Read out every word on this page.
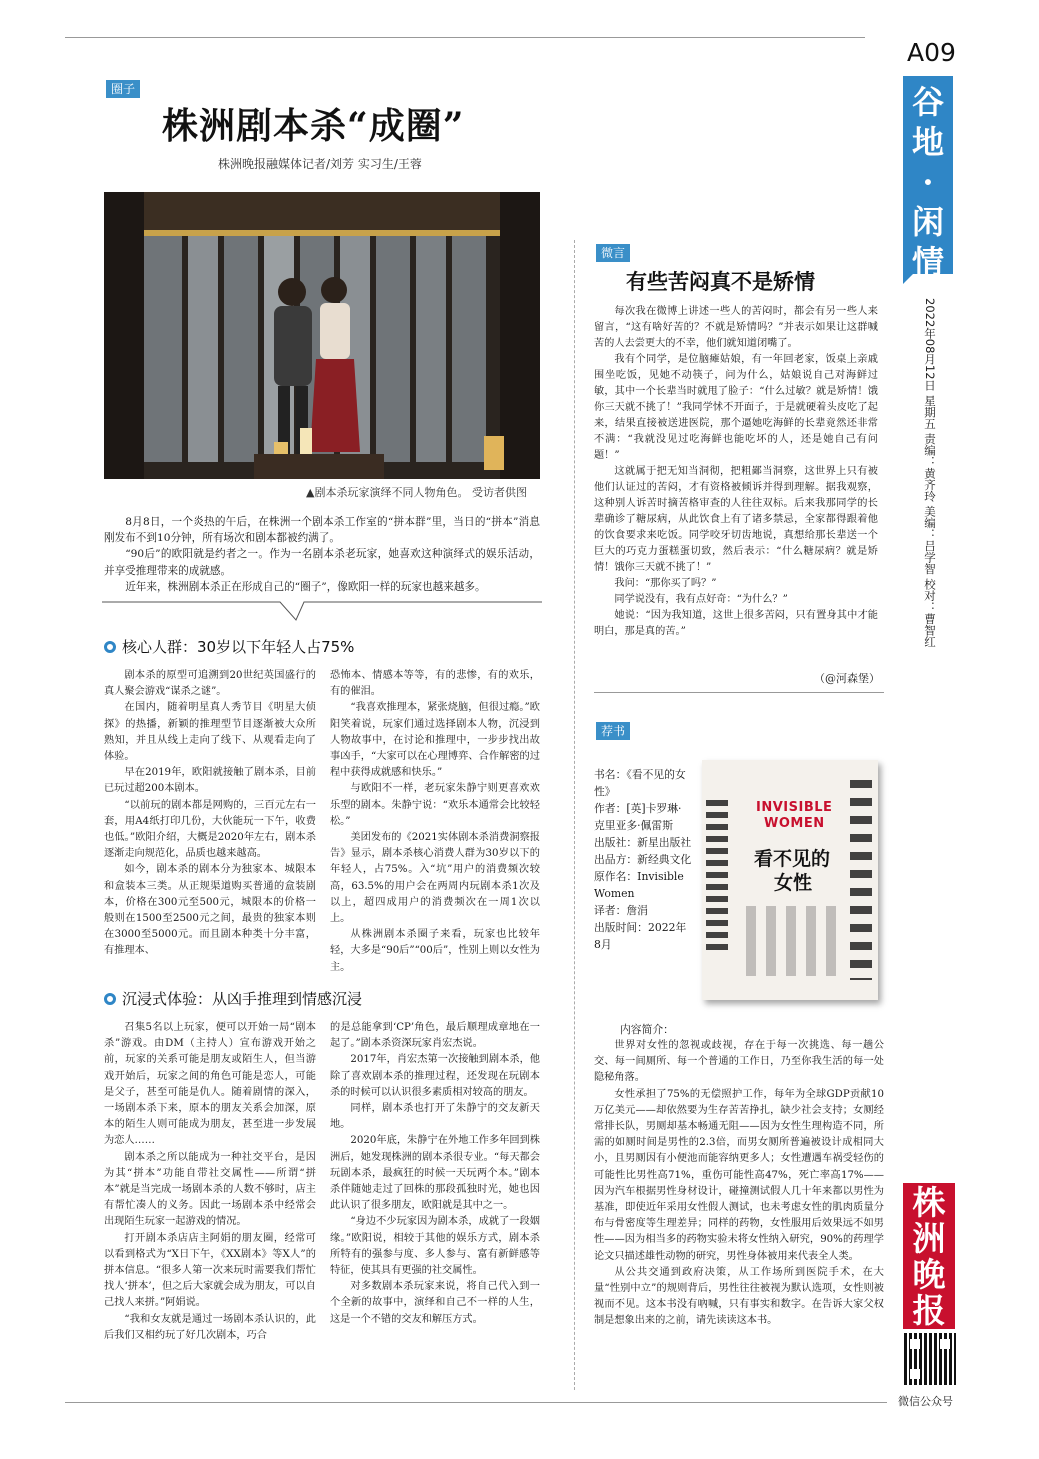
A09
谷地·闲情
2022年08月12日 星期五 责编：黄齐玲 美编：吕学智 校对：曹智红
株洲晚报
微信公众号
圈子
株洲剧本杀“成圈”
株洲晚报融媒体记者/刘芳 实习生/王蓉
▲剧本杀玩家演绎不同人物角色。 受访者供图

8月8日，一个炎热的午后，在株洲一个剧本杀工作室的“拼本群”里，当日的“拼本”消息刚发布不到10分钟，所有场次和剧本都被约满了。

“90后”的欧阳就是约者之一。作为一名剧本杀老玩家，她喜欢这种演绎式的娱乐活动，并享受推理带来的成就感。

近年来，株洲剧本杀正在形成自己的“圈子”，像欧阳一样的玩家也越来越多。

核心人群：30岁以下年轻人占75%

剧本杀的原型可追溯到20世纪英国盛行的真人聚会游戏“谋杀之谜”。

在国内，随着明星真人秀节目《明星大侦探》的热播，新颖的推理型节目逐渐被大众所熟知，并且从线上走向了线下、从观看走向了体验。

早在2019年，欧阳就接触了剧本杀，目前已玩过超200本剧本。

“以前玩的剧本都是网购的，三百元左右一套，用A4纸打印几份，大伙能玩一下午，收费也低。”欧阳介绍，大概是2020年左右，剧本杀逐渐走向规范化，品质也越来越高。

如今，剧本杀的剧本分为独家本、城限本和盒装本三类。从正规渠道购买普通的盒装剧本，价格在300元至500元，城限本的价格一般则在1500至2500元之间，最贵的独家本则在3000至5000元。而且剧本种类十分丰富，有推理本、

恐怖本、情感本等等，有的悲惨，有的欢乐，有的催泪。

“我喜欢推理本，紧张烧脑，但很过瘾。”欧阳笑着说，玩家们通过选择剧本人物，沉浸到人物故事中，在讨论和推理中，一步步找出故事凶手，“大家可以在心理博弈、合作解密的过程中获得成就感和快乐。”

与欧阳不一样，老玩家朱静宁则更喜欢欢乐型的剧本。朱静宁说：“欢乐本通常会比较轻松。”

美团发布的《2021实体剧本杀消费洞察报告》显示，剧本杀核心消费人群为30岁以下的年轻人，占75%。入“坑”用户的消费频次较高，63.5%的用户会在两周内玩剧本杀1次及以上，超四成用户的消费频次在一周1次以上。

从株洲剧本杀圈子来看，玩家也比较年轻，大多是“90后”“00后”，性别上则以女性为主。

沉浸式体验：从凶手推理到情感沉浸

召集5名以上玩家，便可以开始一局“剧本杀”游戏。由DM（主持人）宣布游戏开始之前，玩家的关系可能是朋友或陌生人，但当游戏开始后，玩家之间的角色可能是恋人，可能是父子，甚至可能是仇人。随着剧情的深入，一场剧本杀下来，原本的朋友关系会加深，原本的陌生人则可能成为朋友，甚至进一步发展为恋人……

剧本杀之所以能成为一种社交平台，是因为其“拼本”功能自带社交属性——所谓“拼本”就是当完成一场剧本杀的人数不够时，店主有帮忙凑人的义务。因此一场剧本杀中经常会出现陌生玩家一起游戏的情况。

打开剧本杀店店主阿娟的朋友圈，经常可以看到格式为“X日下午，《XX剧本》等X人”的拼本信息。“很多人第一次来玩时需要我们帮忙找人‘拼本’，但之后大家就会成为朋友，可以自己找人来拼。”阿娟说。

“我和女友就是通过一场剧本杀认识的，此后我们又相约玩了好几次剧本，巧合

的是总能拿到‘CP’角色，最后顺理成章地在一起了。”剧本杀资深玩家肖宏杰说。

2017年，肖宏杰第一次接触到剧本杀，他除了喜欢剧本杀的推理过程，还发现在玩剧本杀的时候可以认识很多素质相对较高的朋友。

同样，剧本杀也打开了朱静宁的交友新天地。

2020年底，朱静宁在外地工作多年回到株洲后，她发现株洲的剧本杀很专业。“每天都会玩剧本杀，最疯狂的时候一天玩两个本。”剧本杀伴随她走过了回株的那段孤独时光，她也因此认识了很多朋友，欧阳就是其中之一。

“身边不少玩家因为剧本杀，成就了一段姻缘。”欧阳说，相较于其他的娱乐方式，剧本杀所特有的强参与度、多人参与、富有新鲜感等特征，使其具有更强的社交属性。

对多数剧本杀玩家来说，将自己代入到一个全新的故事中，演绎和自己不一样的人生，这是一个不错的交友和解压方式。

微言
有些苦闷真不是矫情

每次我在微博上讲述一些人的苦闷时，都会有另一些人来留言，“这有啥好苦的？不就是矫情吗？”并表示如果让这群喊苦的人去尝更大的不幸，他们就知道闭嘴了。

我有个同学，是位脑瘫姑娘，有一年回老家，饭桌上亲戚围坐吃饭，见她不动筷子，问为什么，姑娘说自己对海鲜过敏，其中一个长辈当时就甩了脸子：“什么过敏？就是矫情！饿你三天就不挑了！”我同学怵不开面子，于是就硬着头皮吃了起来，结果直接被送进医院，那个逼她吃海鲜的长辈竟然还非常不满：“我就没见过吃海鲜也能吃坏的人，还是她自己有问题！”

这就属于把无知当洞彻，把粗鄙当洞察，这世界上只有被他们认证过的苦闷，才有资格被倾诉并得到理解。据我观察，这种别人诉苦时摘苦格审查的人往往双标。后来我那同学的长辈确诊了糖尿病，从此饮食上有了诸多禁忌，全家都得跟着他的饮食要求来吃饭。同学咬牙切齿地说，真想给那长辈送一个巨大的巧克力蛋糕蛋切致，然后表示：“什么糖尿病？就是矫情！饿你三天就不挑了！”

我问：“那你买了吗？”

同学说没有，我有点好奇：“为什么？”

她说：“因为我知道，这世上很多苦闷，只有置身其中才能明白，那是真的苦。”

（@河森堡）
荐书
书名：《看不见的女性》
作者：[英]卡罗琳·克里亚多·佩雷斯
出版社：新星出版社
出品方：新经典文化
原作名：Invisible Women
译者：詹涓
出版时间：2022年8月
INVISIBLE
WOMEN
看不见的
女性
内容简介：

世界对女性的忽视或歧视，存在于每一次挑选、每一趟公交、每一间厕所、每一个普通的工作日，乃至你我生活的每一处隐秘角落。

女性承担了75%的无偿照护工作，每年为全球GDP贡献10万亿美元——却依然要为生存苦苦挣扎，缺少社会支持；女厕经常排长队，男厕却基本畅通无阻——因为女性生理构造不同，所需的如厕时间是男性的2.3倍，而男女厕所普遍被设计成相同大小，且男厕因有小便池而能容纳更多人；女性遭遇车祸受轻伤的可能性比男性高71%，重伤可能性高47%，死亡率高17%——因为汽车根据男性身材设计，碰撞测试假人几十年来都以男性为基准，即使近年采用女性假人测试，也未考虑女性的肌肉质量分布与骨密度等生理差异；同样的药物，女性服用后效果远不如男性——因为相当多的药物实验未将女性纳入研究，90%的药理学论文只描述雄性动物的研究，男性身体被用来代表全人类。

从公共交通到政府决策，从工作场所到医院手术，在大量“性别中立”的规则背后，男性往往被视为默认选项，女性则被视而不见。这本书没有吶喊，只有事实和数字。在告诉大家父权制是想象出来的之前，请先读读这本书。
